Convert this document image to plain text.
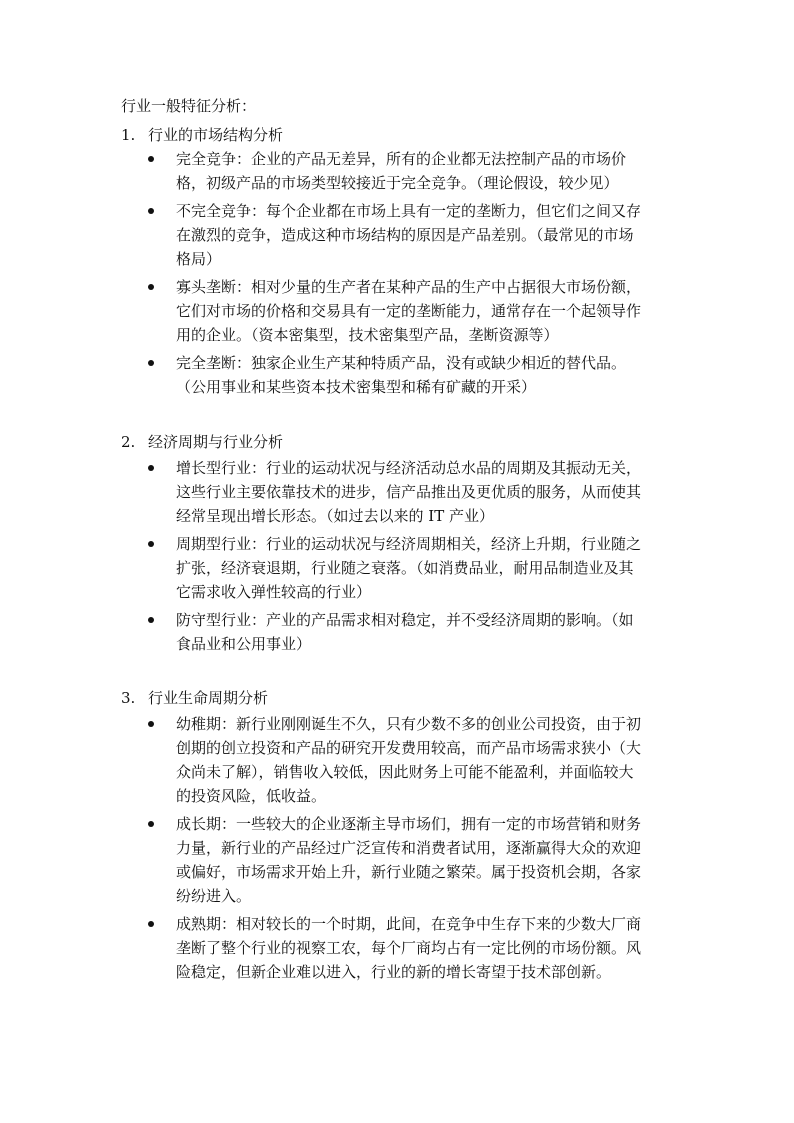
行业一般特征分析：
1. 行业的市场结构分析
完全竞争：企业的产品无差异，所有的企业都无法控制产品的市场价
格，初级产品的市场类型较接近于完全竞争。（理论假设，较少见）
不完全竞争：每个企业都在市场上具有一定的垄断力，但它们之间又存
在激烈的竞争，造成这种市场结构的原因是产品差别。（最常见的市场
格局）
寡头垄断：相对少量的生产者在某种产品的生产中占据很大市场份额，
它们对市场的价格和交易具有一定的垄断能力，通常存在一个起领导作
用的企业。（资本密集型，技术密集型产品，垄断资源等）
完全垄断：独家企业生产某种特质产品，没有或缺少相近的替代品。
（公用事业和某些资本技术密集型和稀有矿藏的开采）
2. 经济周期与行业分析
增长型行业：行业的运动状况与经济活动总水品的周期及其振动无关，
这些行业主要依靠技术的进步，信产品推出及更优质的服务，从而使其
经常呈现出增长形态。（如过去以来的 IT 产业）
周期型行业：行业的运动状况与经济周期相关，经济上升期，行业随之
扩张，经济衰退期，行业随之衰落。（如消费品业，耐用品制造业及其
它需求收入弹性较高的行业）
防守型行业：产业的产品需求相对稳定，并不受经济周期的影响。（如
食品业和公用事业）
3. 行业生命周期分析
幼稚期：新行业刚刚诞生不久，只有少数不多的创业公司投资，由于初
创期的创立投资和产品的研究开发费用较高，而产品市场需求狭小（大
众尚未了解），销售收入较低，因此财务上可能不能盈利，并面临较大
的投资风险，低收益。
成长期：一些较大的企业逐渐主导市场们，拥有一定的市场营销和财务
力量，新行业的产品经过广泛宣传和消费者试用，逐渐赢得大众的欢迎
或偏好，市场需求开始上升，新行业随之繁荣。属于投资机会期，各家
纷纷进入。
成熟期：相对较长的一个时期，此间，在竞争中生存下来的少数大厂商
垄断了整个行业的视察工农，每个厂商均占有一定比例的市场份额。风
险稳定，但新企业难以进入，行业的新的增长寄望于技术部创新。
